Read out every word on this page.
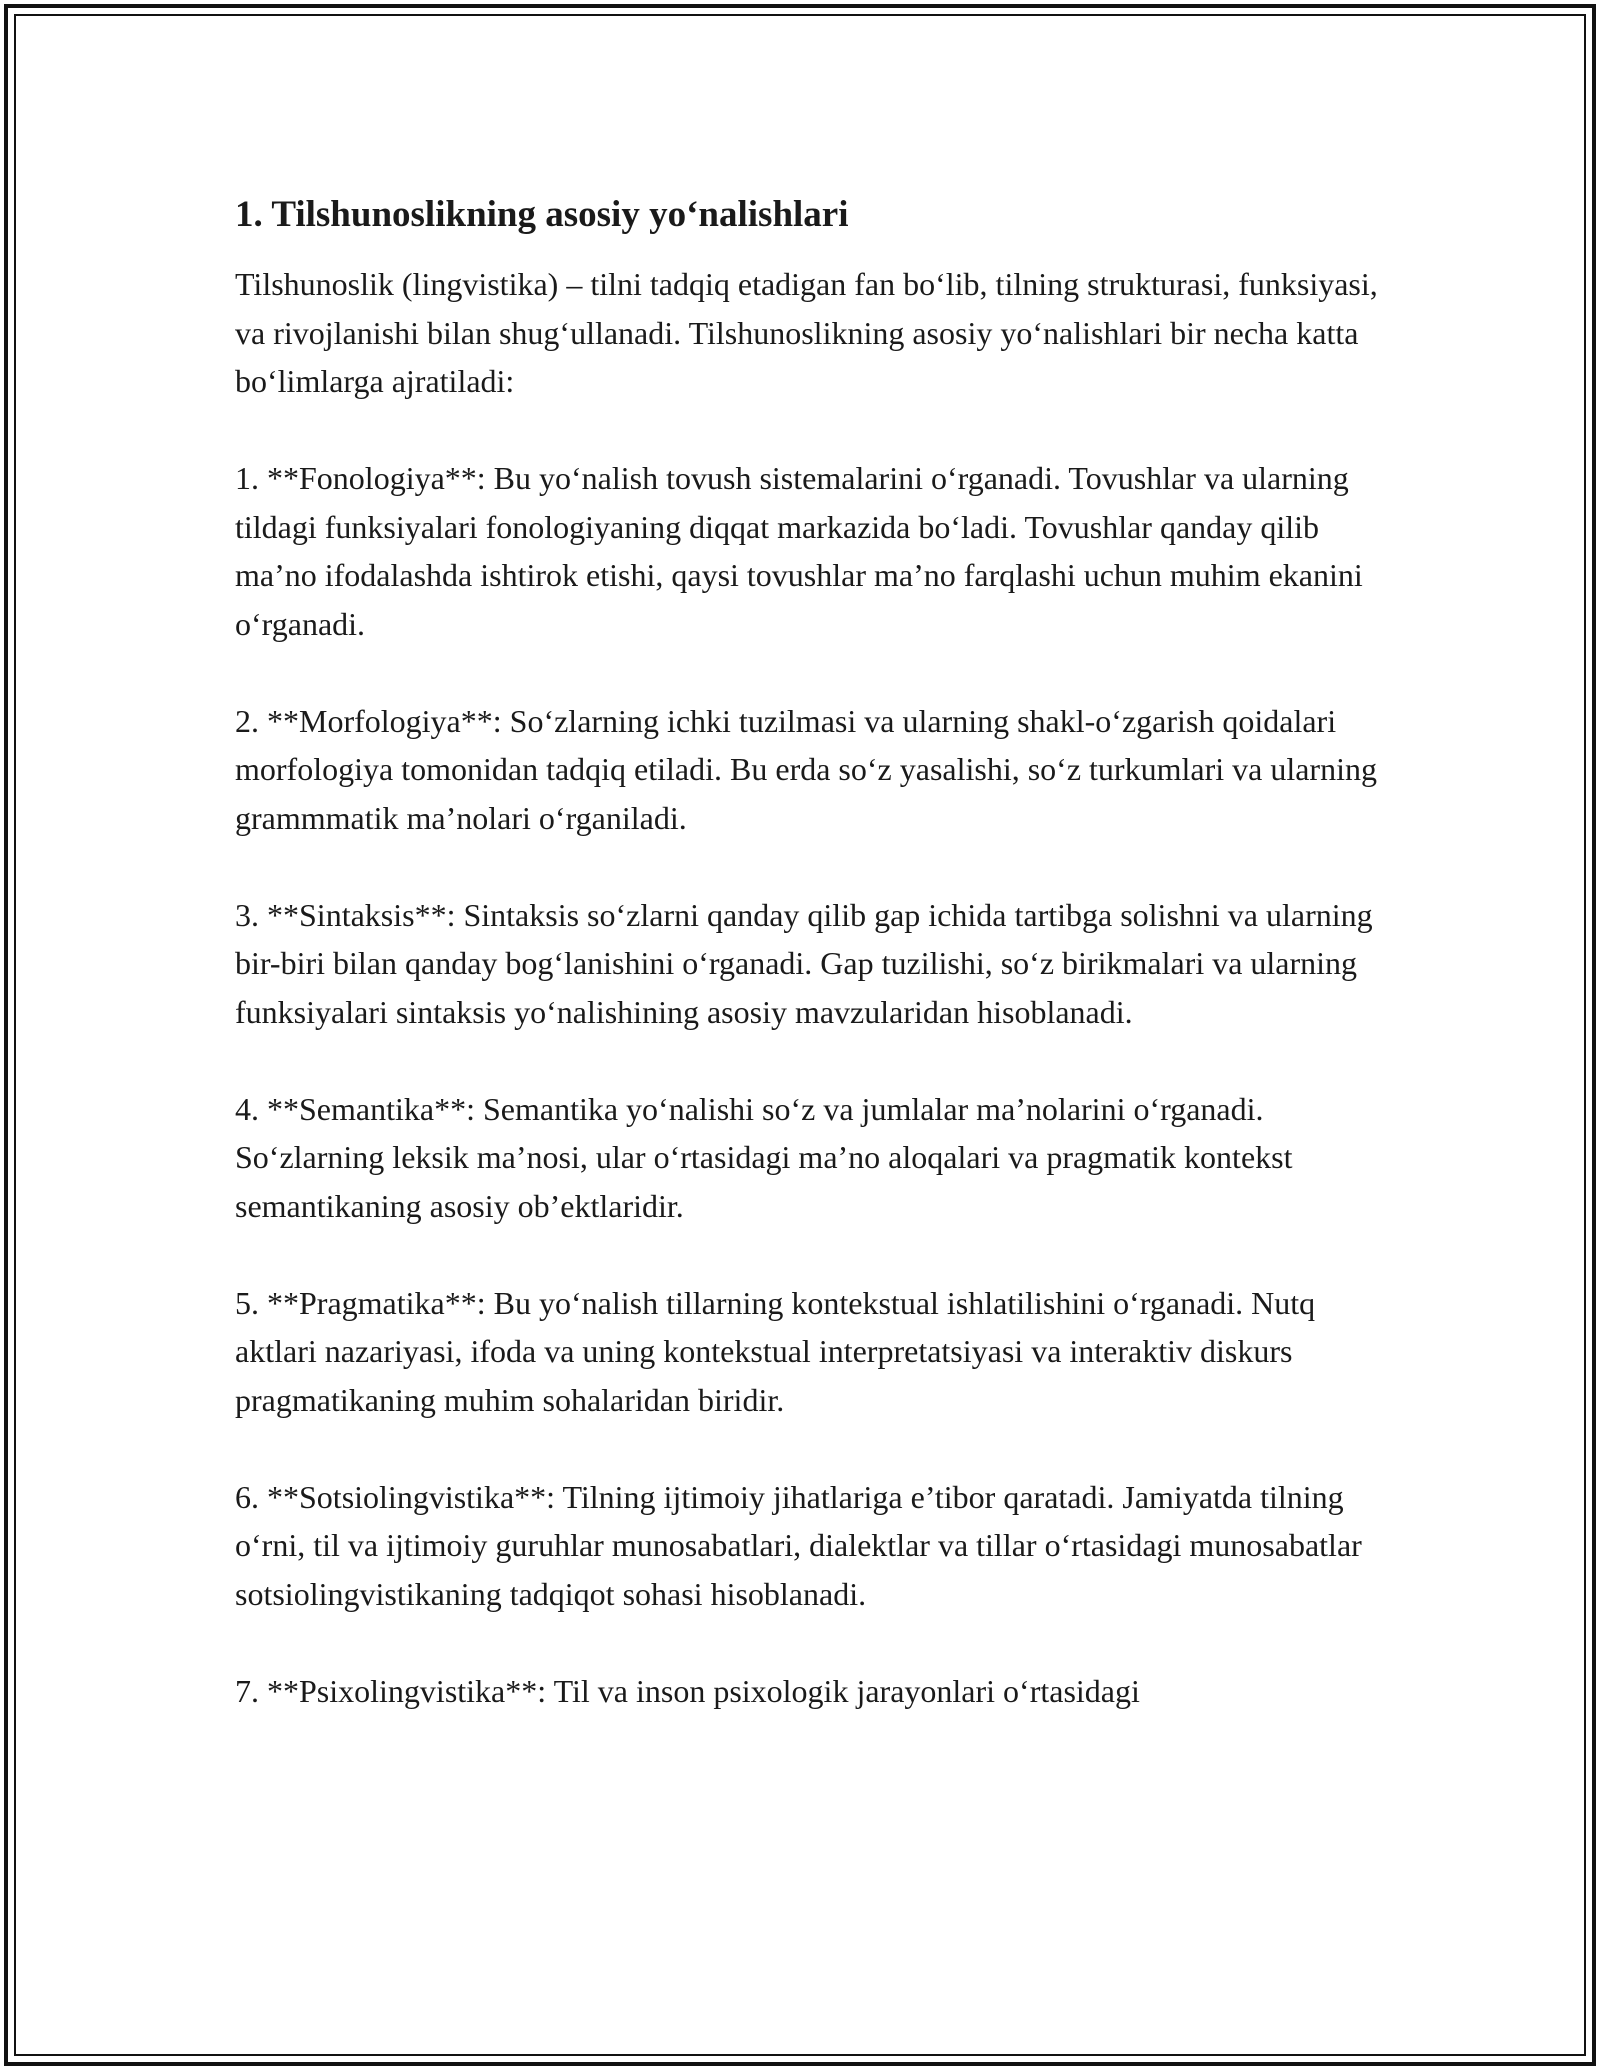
1. Tilshunoslikning asosiy yo‘nalishlari

Tilshunoslik (lingvistika) – tilni tadqiq etadigan fan bo‘lib, tilning strukturasi, funksiyasi, va rivojlanishi bilan shug‘ullanadi. Tilshunoslikning asosiy yo‘nalishlari bir necha katta bo‘limlarga ajratiladi:

1. **Fonologiya**: Bu yo‘nalish tovush sistemalarini o‘rganadi. Tovushlar va ularning tildagi funksiyalari fonologiyaning diqqat markazida bo‘ladi. Tovushlar qanday qilib ma’no ifodalashda ishtirok etishi, qaysi tovushlar ma’no farqlashi uchun muhim ekanini o‘rganadi.

2. **Morfologiya**: So‘zlarning ichki tuzilmasi va ularning shakl-o‘zgarish qoidalari morfologiya tomonidan tadqiq etiladi. Bu erda so‘z yasalishi, so‘z turkumlari va ularning grammmatik ma’nolari o‘rganiladi.

3. **Sintaksis**: Sintaksis so‘zlarni qanday qilib gap ichida tartibga solishni va ularning bir-biri bilan qanday bog‘lanishini o‘rganadi. Gap tuzilishi, so‘z birikmalari va ularning funksiyalari sintaksis yo‘nalishining asosiy mavzularidan hisoblanadi.

4. **Semantika**: Semantika yo‘nalishi so‘z va jumlalar ma’nolarini o‘rganadi. So‘zlarning leksik ma’nosi, ular o‘rtasidagi ma’no aloqalari va pragmatik kontekst semantikaning asosiy ob’ektlaridir.

5. **Pragmatika**: Bu yo‘nalish tillarning kontekstual ishlatilishini o‘rganadi. Nutq aktlari nazariyasi, ifoda va uning kontekstual interpretatsiyasi va interaktiv diskurs pragmatikaning muhim sohalaridan biridir.

6. **Sotsiolingvistika**: Tilning ijtimoiy jihatlariga e’tibor qaratadi. Jamiyatda tilning o‘rni, til va ijtimoiy guruhlar munosabatlari, dialektlar va tillar o‘rtasidagi munosabatlar sotsiolingvistikaning tadqiqot sohasi hisoblanadi.

7. **Psixolingvistika**: Til va inson psixologik jarayonlari o‘rtasidagi
